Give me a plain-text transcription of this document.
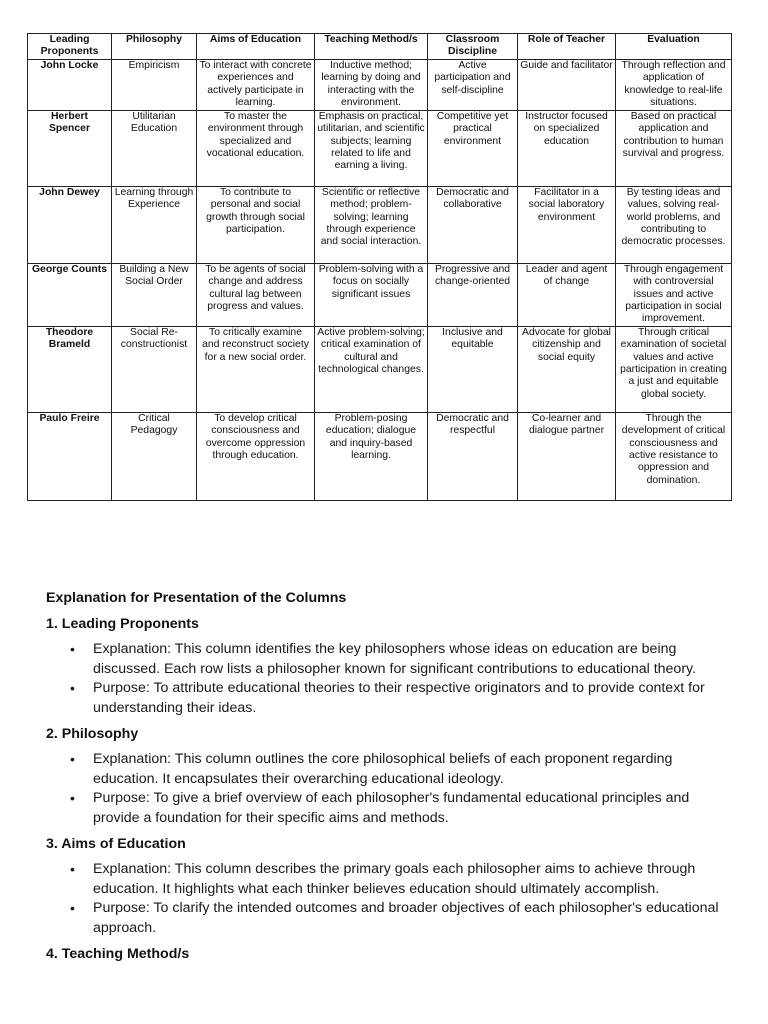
Leading Proponents	Philosophy	Aims of Education	Teaching Method/s	Classroom Discipline	Role of Teacher	Evaluation
John Locke	Empiricism	To interact with concrete experiences and actively participate in learning.	Inductive method; learning by doing and interacting with the environment.	Active participation and self-discipline	Guide and facilitator	Through reflection and application of knowledge to real-life situations.
Herbert Spencer	Utilitarian Education	To master the environment through specialized and vocational education.	Emphasis on practical, utilitarian, and scientific subjects; learning related to life and earning a living.	Competitive yet practical environment	Instructor focused on specialized education	Based on practical application and contribution to human survival and progress.
John Dewey	Learning through Experience	To contribute to personal and social growth through social participation.	Scientific or reflective method; problem-solving; learning through experience and social interaction.	Democratic and collaborative	Facilitator in a social laboratory environment	By testing ideas and values, solving real-world problems, and contributing to democratic processes.
George Counts	Building a New Social Order	To be agents of social change and address cultural lag between progress and values.	Problem-solving with a focus on socially significant issues	Progressive and change-oriented	Leader and agent of change	Through engagement with controversial issues and active participation in social improvement.
Theodore Brameld	Social Re-constructionist	To critically examine and reconstruct society for a new social order.	Active problem-solving; critical examination of cultural and technological changes.	Inclusive and equitable	Advocate for global citizenship and social equity	Through critical examination of societal values and active participation in creating a just and equitable global society.
Paulo Freire	Critical Pedagogy	To develop critical consciousness and overcome oppression through education.	Problem-posing education; dialogue and inquiry-based learning.	Democratic and respectful	Co-learner and dialogue partner	Through the development of critical consciousness and active resistance to oppression and domination.
Explanation for Presentation of the Columns
1. Leading Proponents
• Explanation: This column identifies the key philosophers whose ideas on education are being discussed. Each row lists a philosopher known for significant contributions to educational theory.
• Purpose: To attribute educational theories to their respective originators and to provide context for understanding their ideas.
2. Philosophy
• Explanation: This column outlines the core philosophical beliefs of each proponent regarding education. It encapsulates their overarching educational ideology.
• Purpose: To give a brief overview of each philosopher's fundamental educational principles and provide a foundation for their specific aims and methods.
3. Aims of Education
• Explanation: This column describes the primary goals each philosopher aims to achieve through education. It highlights what each thinker believes education should ultimately accomplish.
• Purpose: To clarify the intended outcomes and broader objectives of each philosopher's educational approach.
4. Teaching Method/s
